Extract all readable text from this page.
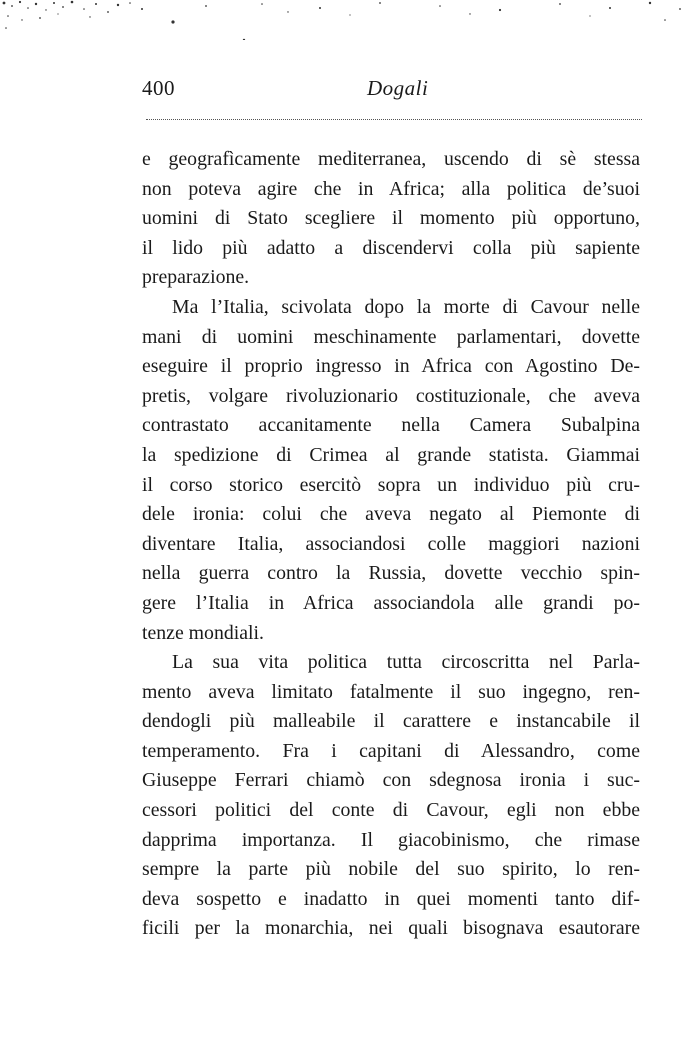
400	Dogali
e geografìcamente mediterranea, uscendo di sè stessa
non poteva agire che in Africa; alla politica de’suoi
uomini di Stato scegliere il momento più opportuno,
il lido più adatto a discendervi colla più sapiente
preparazione.
Ma l’Italia, scivolata dopo la morte di Cavour nelle
mani di uomini meschinamente parlamentari, dovette
eseguire il proprio ingresso in Africa con Agostino De-
pretis, volgare rivoluzionario costituzionale, che aveva
contrastato accanitamente nella Camera Subalpina
la spedizione di Crimea al grande statista. Giammai
il corso storico esercitò sopra un individuo più cru-
dele ironia: colui che aveva negato al Piemonte di
diventare Italia, associandosi colle maggiori nazioni
nella guerra contro la Russia, dovette vecchio spin-
gere l’Italia in Africa associandola alle grandi po-
tenze mondiali.
La sua vita politica tutta circoscritta nel Parla-
mento aveva limitato fatalmente il suo ingegno, ren-
dendogli più malleabile il carattere e instancabile il
temperamento. Fra i capitani di Alessandro, come
Giuseppe Ferrari chiamò con sdegnosa ironia i suc-
cessori politici del conte di Cavour, egli non ebbe
dapprima importanza. Il giacobinismo, che rimase
sempre la parte più nobile del suo spirito, lo ren-
deva sospetto e inadatto in quei momenti tanto dif-
ficili per la monarchia, nei quali bisognava esautorare
